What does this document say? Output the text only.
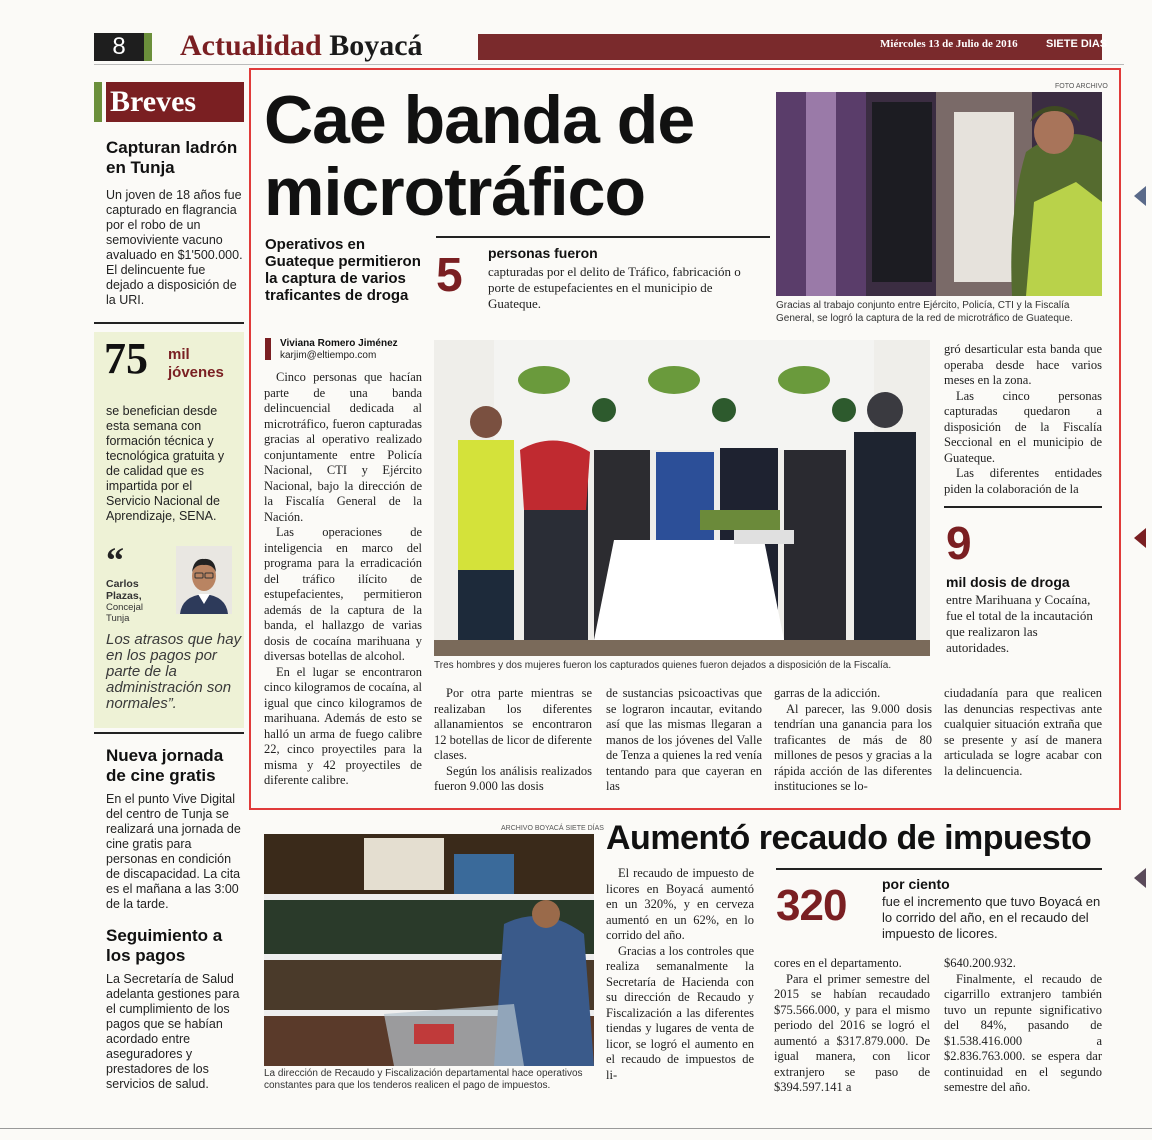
8	Actualidad Boyacá	Miércoles 13 de Julio de 2016	SIETE DIAS
Breves
Capturan ladrón en Tunja
Un joven de 18 años fue capturado en flagrancia por el robo de un semoviviente vacuno avaluado en $1'500.000. El delincuente fue dejado a disposición de la URI.
75 mil jóvenes
se benefician desde esta semana con formación técnica y tecnológica gratuita y de calidad que es impartida por el Servicio Nacional de Aprendizaje, SENA.
“
Carlos Plazas,
Concejal Tunja
Los atrasos que hay en los pagos por parte de la administración son normales”.
Nueva jornada de cine gratis
En el punto Vive Digital del centro de Tunja se realizará una jornada de cine gratis para personas en condición de discapacidad. La cita es el mañana a las 3:00 de la tarde.
Seguimiento a los pagos
La Secretaría de Salud adelanta gestiones para el cumplimiento de los pagos que se habían acordado entre aseguradores y prestadores de los servicios de salud.
Cae banda de microtráfico
Operativos en Guateque permitieron la captura de varios traficantes de droga
Viviana Romero Jiménez
karjim@eltiempo.com
5 personas fueron
capturadas por el delito de Tráfico, fabricación o porte de estupefacientes en el municipio de Guateque.
FOTO ARCHIVO
Gracias al trabajo conjunto entre Ejército, Policía, CTI y la Fiscalía General, se logró la captura de la red de microtráfico de Guateque.

Cinco personas que hacían parte de una banda delincuencial dedicada al microtráfico, fueron capturadas gracias al operativo realizado conjuntamente entre Policía Nacional, CTI y Ejército Nacional, bajo la dirección de la Fiscalía General de la Nación.

Las operaciones de inteligencia en marco del programa para la erradicación del tráfico ilícito de estupefacientes, permitieron además de la captura de la banda, el hallazgo de varias dosis de cocaína marihuana y diversas botellas de alcohol.

En el lugar se encontraron cinco kilogramos de cocaína, al igual que cinco kilogramos de marihuana. Además de esto se halló un arma de fuego calibre 22, cinco proyectiles para la misma y 42 proyectiles de diferente calibre.

Tres hombres y dos mujeres fueron los capturados quienes fueron dejados a disposición de la Fiscalía.

gró desarticular esta banda que operaba desde hace varios meses en la zona.

Las cinco personas capturadas quedaron a disposición de la Fiscalía Seccional en el municipio de Guateque.

Las diferentes entidades piden la colaboración de la

9
mil dosis de droga
entre Marihuana y Cocaína, fue el total de la incautación que realizaron las autoridades.

Por otra parte mientras se realizaban los diferentes allanamientos se encontraron 12 botellas de licor de diferente clases.

Según los análisis realizados fueron 9.000 las dosis

de sustancias psicoactivas que se lograron incautar, evitando así que las mismas llegaran a manos de los jóvenes del Valle de Tenza a quienes la red venía tentando para que cayeran en las

garras de la adicción.

Al parecer, las 9.000 dosis tendrían una ganancia para los traficantes de más de 80 millones de pesos y gracias a la rápida acción de las diferentes instituciones se lo-

ciudadanía para que realicen las denuncias respectivas ante cualquier situación extraña que se presente y así de manera articulada se logre acabar con la delincuencia.

Aumentó recaudo de impuesto
ARCHIVO BOYACÁ SIETE DÍAS
La dirección de Recaudo y Fiscalización departamental hace operativos constantes para que los tenderos realicen el pago de impuestos.

El recaudo de impuesto de licores en Boyacá aumentó en un 320%, y en cerveza aumentó en un 62%, en lo corrido del año.

Gracias a los controles que realiza semanalmente la Secretaría de Hacienda con su dirección de Recaudo y Fiscalización a las diferentes tiendas y lugares de venta de licor, se logró el aumento en el recaudo de impuestos de li-

320	por ciento
fue el incremento que tuvo Boyacá en lo corrido del año, en el recaudo del impuesto de licores.

cores en el departamento.

Para el primer semestre del 2015 se habían recaudado $75.566.000, y para el mismo periodo del 2016 se logró el aumentó a $317.879.000. De igual manera, con licor extranjero se paso de $394.597.141 a

$640.200.932.

Finalmente, el recaudo de cigarrillo extranjero también tuvo un repunte significativo del 84%, pasando de $1.538.416.000 a $2.836.763.000. se espera dar continuidad en el segundo semestre del año.
